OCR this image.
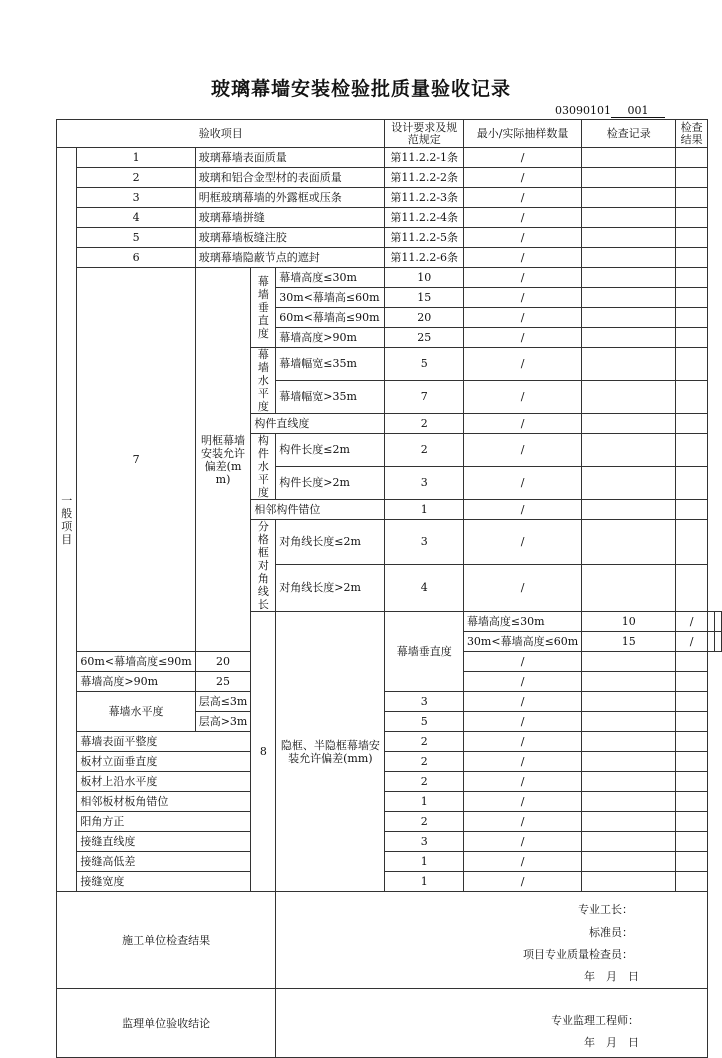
玻璃幕墙安装检验批质量验收记录
03090101 001
验收项目					设计要求及规范规定	最小/实际抽样数量	检查记录	检查结果		
一般项目	1	玻璃幕墙表面质量			第11.2.2-1条	/				
	2	玻璃和铝合金型材的表面质量			第11.2.2-2条	/				
	3	明框玻璃幕墙的外露框或压条			第11.2.2-3条	/				
	4	玻璃幕墙拼缝			第11.2.2-4条	/				
	5	玻璃幕墙板缝注胶			第11.2.2-5条	/				
	6	玻璃幕墙隐蔽节点的遮封			第11.2.2-6条	/				
	7	明框幕墙安装允许偏差(mm)	幕墙垂直度	幕墙高度≤30m	10	/				
				30m<幕墙高≤60m	15	/				
				60m<幕墙高≤90m	20	/				
				幕墙高度>90m	25	/				
			幕墙水平度	幕墙幅宽≤35m	5	/				
				幕墙幅宽>35m	7	/				
			构件直线度		2	/				
			构件水平度	构件长度≤2m	2	/				
				构件长度>2m	3	/				
			相邻构件错位		1	/				
			分格框对角线长	对角线长度≤2m	3	/				
				对角线长度>2m	4	/				
			8	隐框、半隐框幕墙安装允许偏差(mm)	幕墙垂直度	幕墙高度≤30m	10	/		
						30m<幕墙高度≤60m	15	/		
	60m<幕墙高度≤90m	20				/				
	幕墙高度>90m	25				/				
	幕墙水平度	层高≤3m			3	/				
		层高>3m			5	/				
	幕墙表面平整度				2	/				
	板材立面垂直度				2	/				
	板材上沿水平度				2	/				
	相邻板材板角错位				1	/				
	阳角方正				2	/				
	接缝直线度				3	/				
	接缝高低差				1	/				
	接缝宽度				1	/				
施工单位检查结果				专业工长：
标准员：
项目专业质量检查员：
年　月　日						

监理单位验收结论				专业监理工程师：
年　月　日						
